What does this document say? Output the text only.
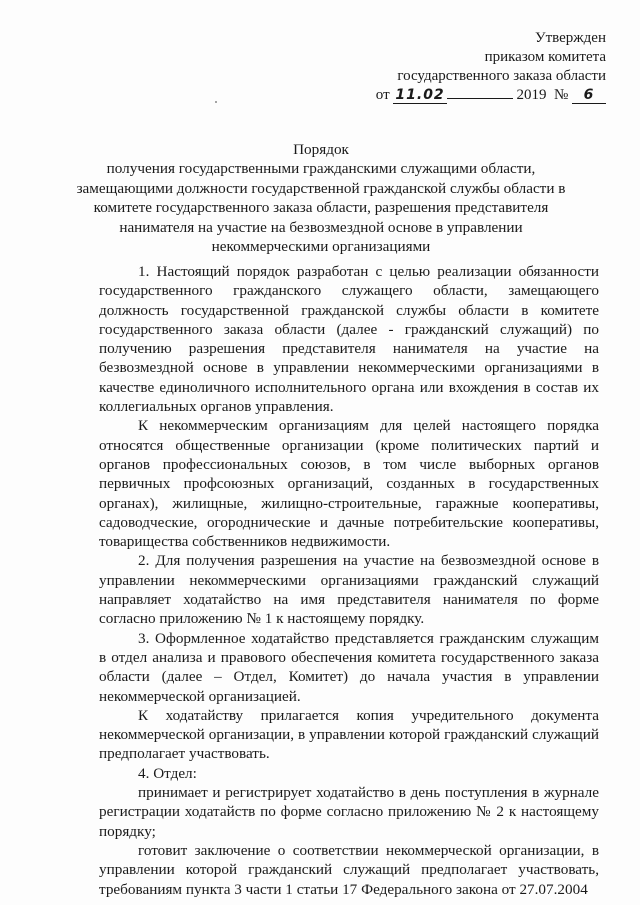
Утвержден
приказом комитета
государственного заказа области
от 11.02	2019 № 6
Порядок
получения государственными гражданскими служащими области,
замещающими должности государственной гражданской службы области в
комитете государственного заказа области, разрешения представителя
нанимателя на участие на безвозмездной основе в управлении
некоммерческими организациями

1. Настоящий порядок разработан с целью реализации обязанности государственного гражданского служащего области, замещающего должность государственной гражданской службы области в комитете государственного заказа области (далее - гражданский служащий) по получению разрешения представителя нанимателя на участие на безвозмездной основе в управлении некоммерческими организациями в качестве единоличного исполнительного органа или вхождения в состав их коллегиальных органов управления.

К некоммерческим организациям для целей настоящего порядка относятся общественные организации (кроме политических партий и органов профессиональных союзов, в том числе выборных органов первичных профсоюзных организаций, созданных в государственных органах), жилищные, жилищно-строительные, гаражные кооперативы, садоводческие, огороднические и дачные потребительские кооперативы, товарищества собственников недвижимости.

2. Для получения разрешения на участие на безвозмездной основе в управлении некоммерческими организациями гражданский служащий направляет ходатайство на имя представителя нанимателя по форме согласно приложению № 1 к настоящему порядку.

3. Оформленное ходатайство представляется гражданским служащим в отдел анализа и правового обеспечения комитета государственного заказа области (далее – Отдел, Комитет) до начала участия в управлении некоммерческой организацией.

К ходатайству прилагается копия учредительного документа некоммерческой организации, в управлении которой гражданский служащий предполагает участвовать.

4. Отдел:

принимает и регистрирует ходатайство в день поступления в журнале регистрации ходатайств по форме согласно приложению № 2 к настоящему порядку;

готовит заключение о соответствии некоммерческой организации, в управлении которой гражданский служащий предполагает участвовать, требованиям пункта 3 части 1 статьи 17 Федерального закона от 27.07.2004
